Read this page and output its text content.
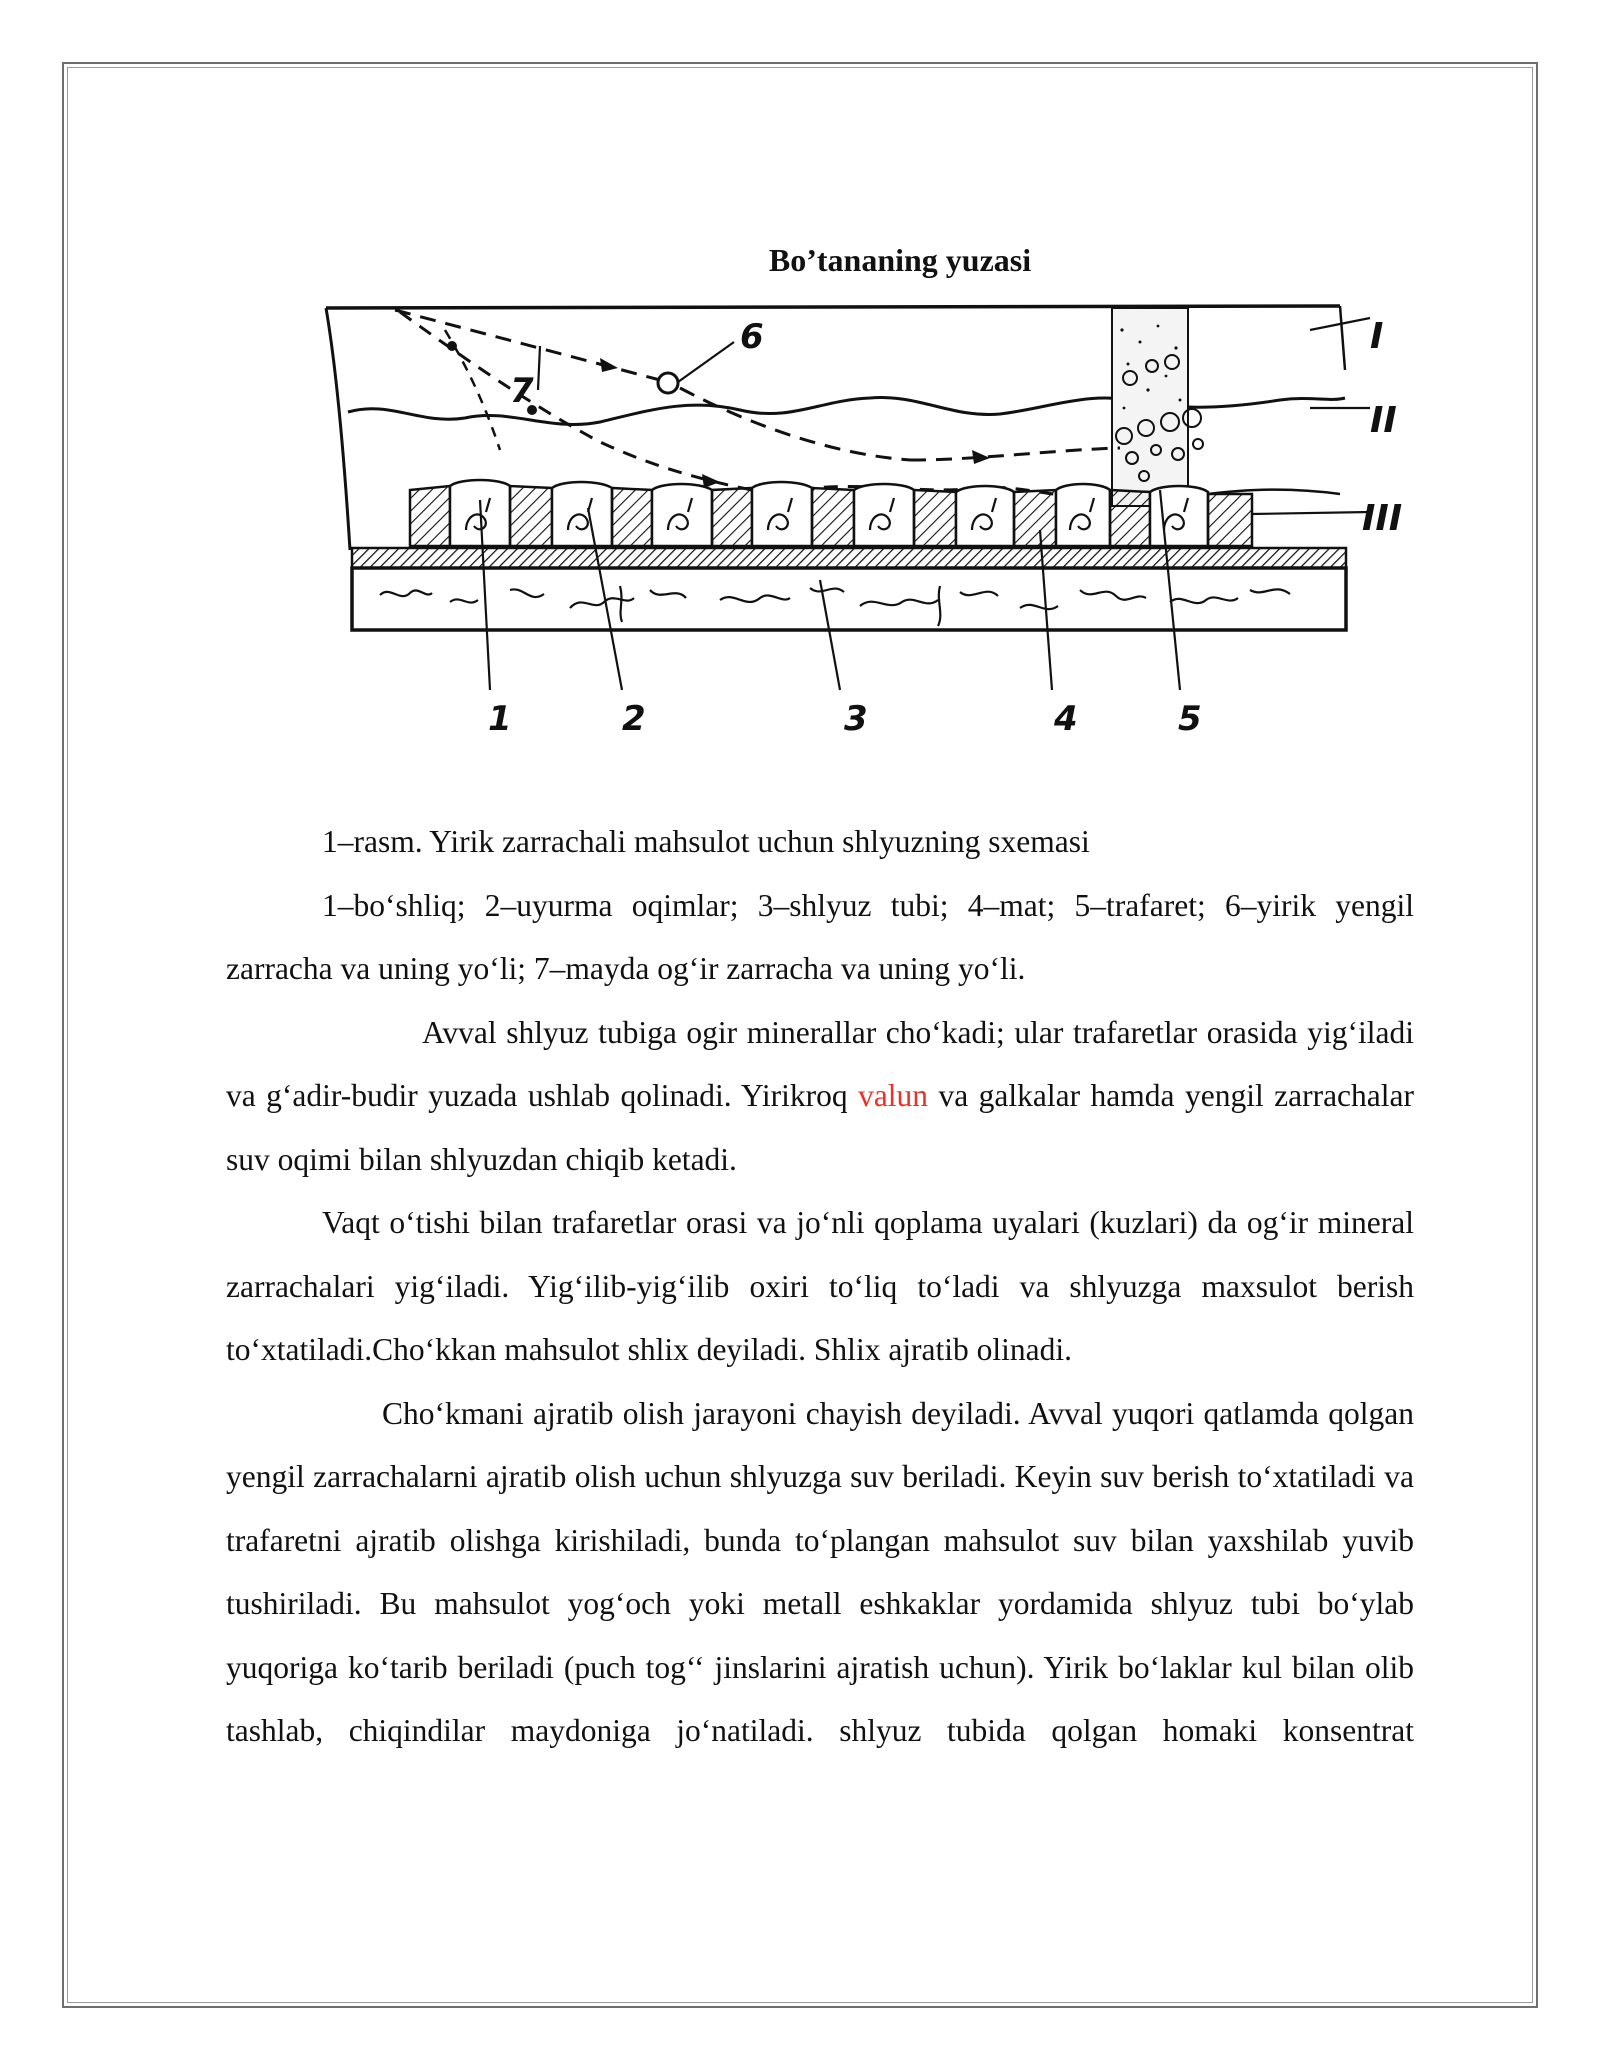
Bo’tananing yuzasi
1	2	3	4	5
6
7
I
II
III

1–rasm. Yirik zarrachali mahsulot uchun shlyuzning sxemasi

1–bo‘shliq; 2–uyurma oqimlar; 3–shlyuz tubi; 4–mat; 5–trafaret; 6–yirik yengil zarracha va uning yo‘li; 7–mayda og‘ir zarracha va uning yo‘li.

Avval shlyuz tubiga ogir minerallar cho‘kadi; ular trafaretlar orasida yig‘iladi va g‘adir-budir yuzada ushlab qolinadi. Yirikroq valun va galkalar hamda yengil zarrachalar suv oqimi bilan shlyuzdan chiqib ketadi.

Vaqt o‘tishi bilan trafaretlar orasi va jo‘nli qoplama uyalari (kuzlari) da og‘ir mineral zarrachalari yig‘iladi. Yig‘ilib-yig‘ilib oxiri to‘liq to‘ladi va shlyuzga maxsulot berish to‘xtatiladi.Cho‘kkan mahsulot shlix deyiladi. Shlix ajratib olinadi.

Cho‘kmani ajratib olish jarayoni chayish deyiladi. Avval yuqori qatlamda qolgan yengil zarrachalarni ajratib olish uchun shlyuzga suv beriladi. Keyin suv berish to‘xtatiladi va trafaretni ajratib olishga kirishiladi, bunda to‘plangan mahsulot suv bilan yaxshilab yuvib tushiriladi. Bu mahsulot yog‘och yoki metall eshkaklar yordamida shlyuz tubi bo‘ylab yuqoriga ko‘tarib beriladi (puch tog‘‘ jinslarini ajratish uchun). Yirik bo‘laklar kul bilan olib tashlab, chiqindilar maydoniga jo‘natiladi. shlyuz tubida qolgan homaki konsentrat
